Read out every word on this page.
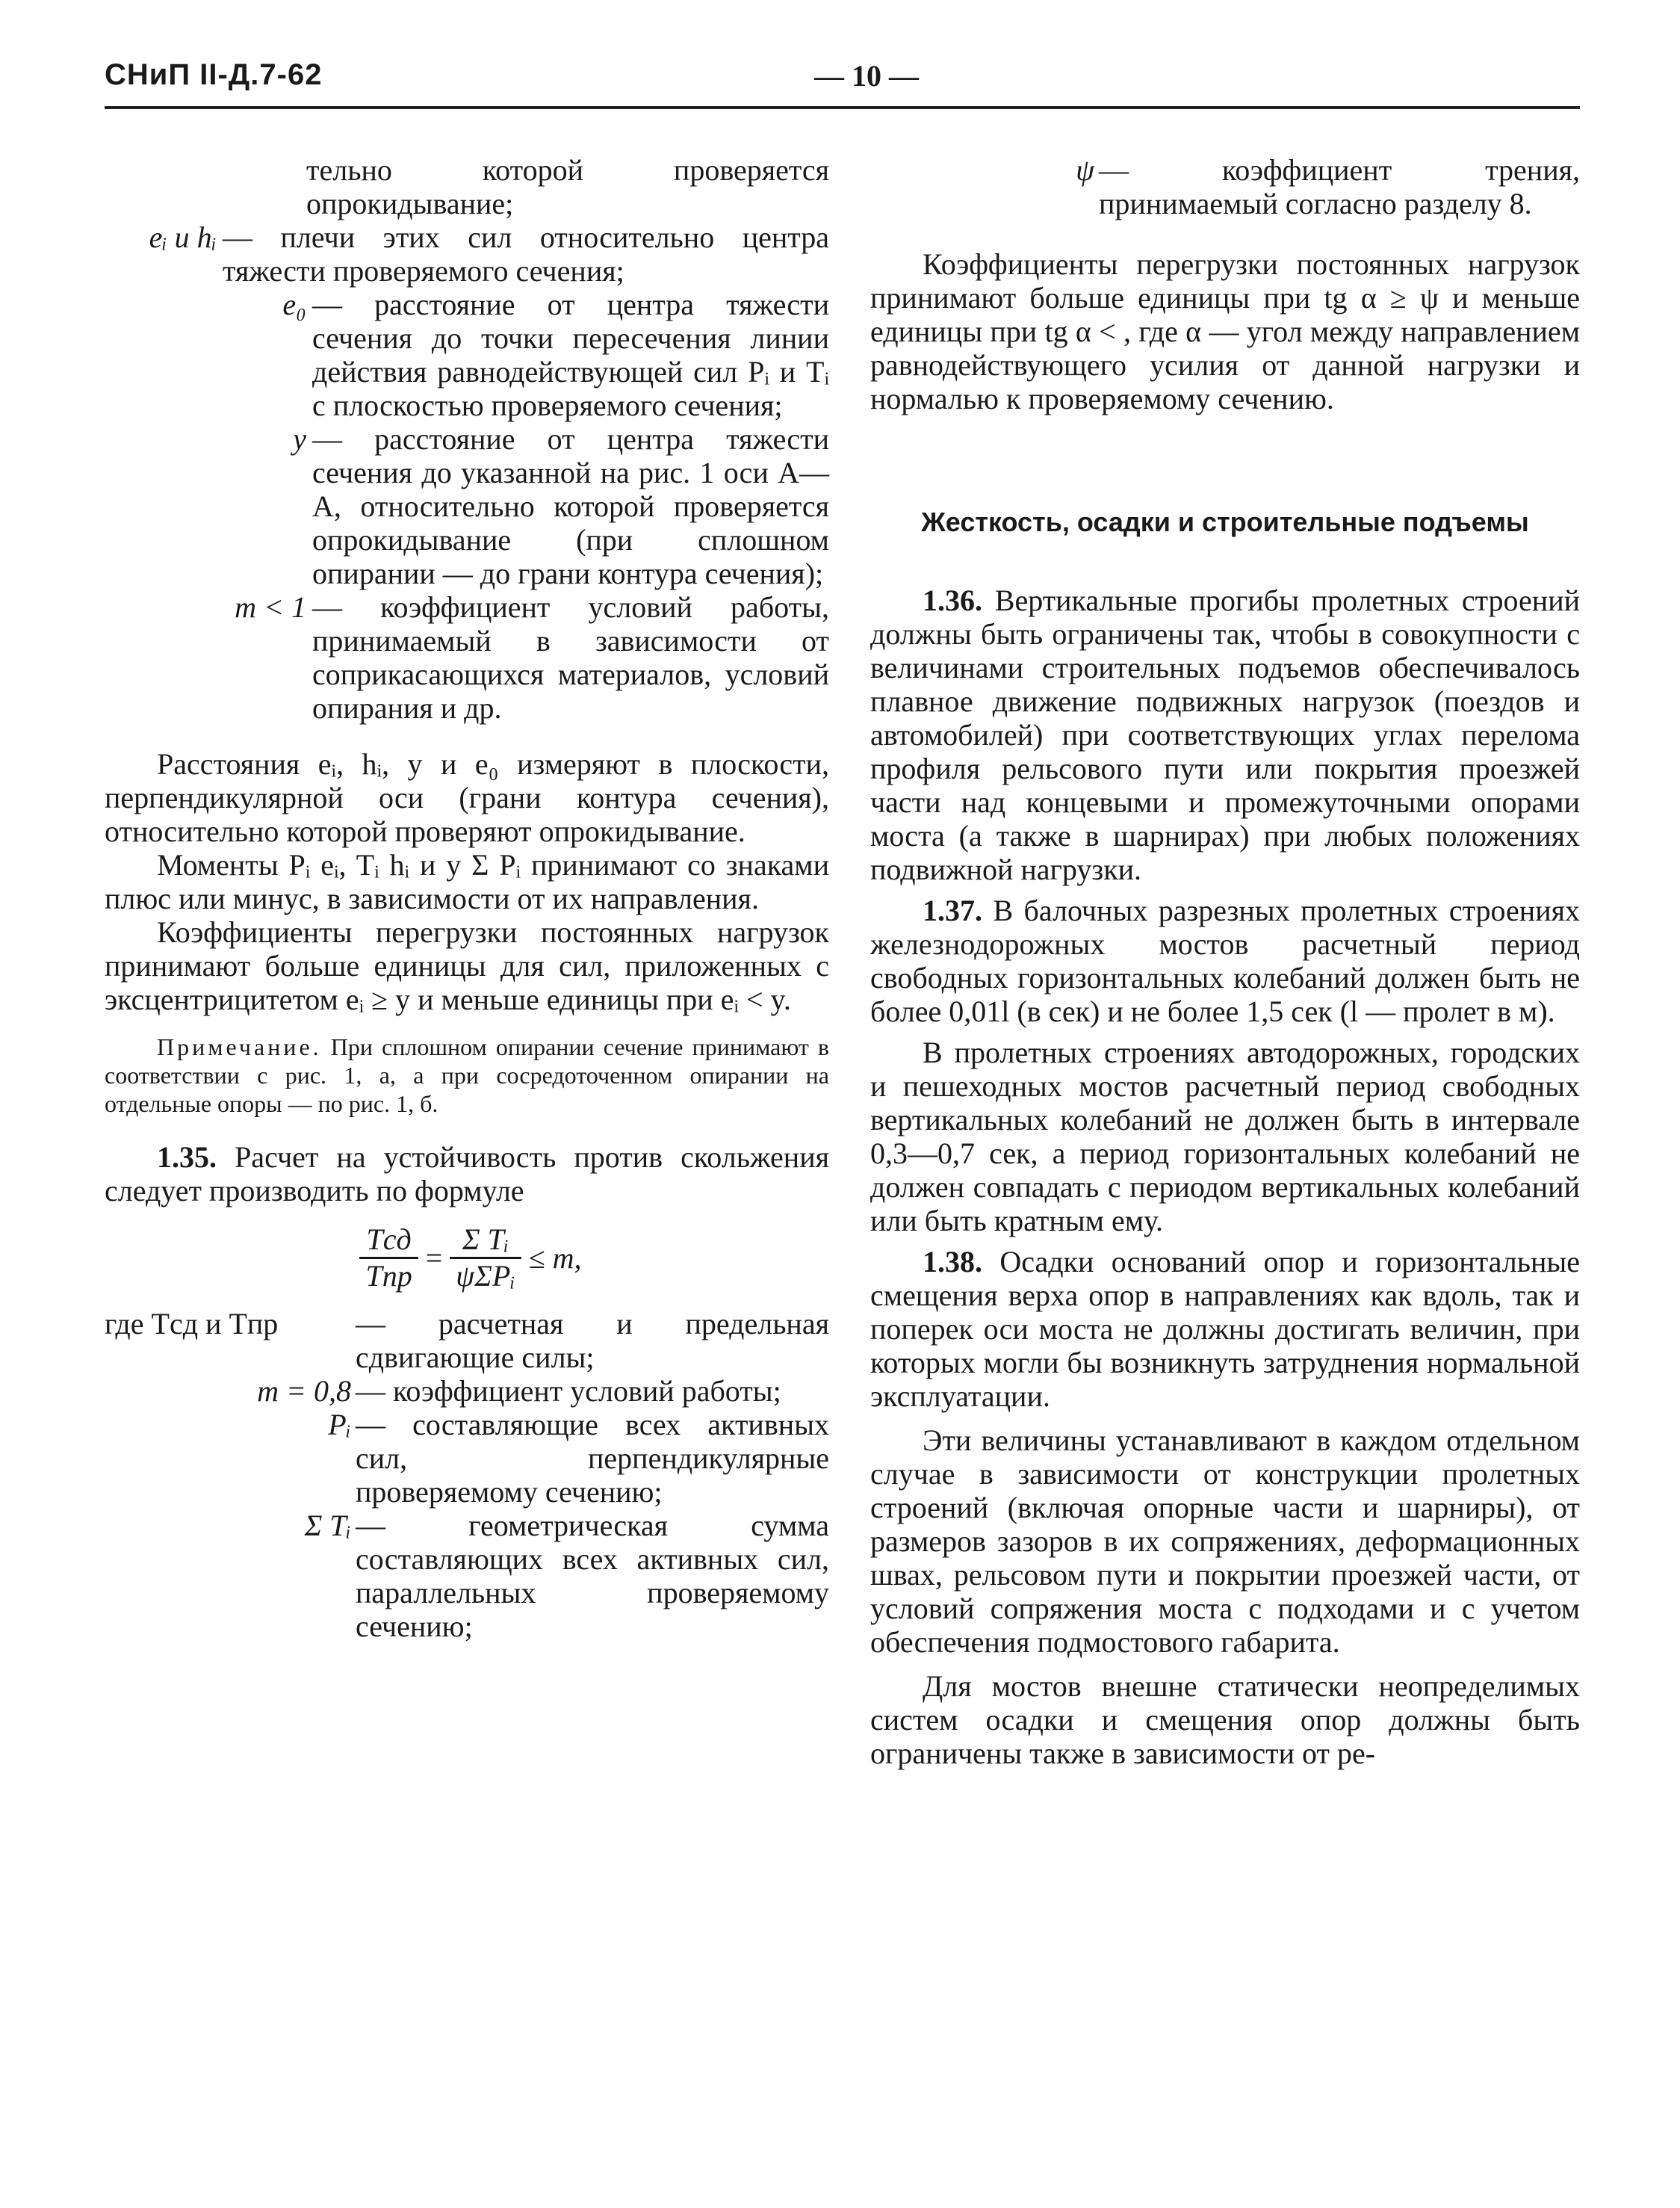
СНиП II-Д.7-62	— 10 —
тельно которой проверяется опрокидывание;
eᵢ и hᵢ — плечи этих сил относительно центра тяжести проверяемого сечения;
e₀ — расстояние от центра тяжести сечения до точки пересечения линии действия равнодействующей сил Pᵢ и Tᵢ с плоскостью проверяемого сечения;
y — расстояние от центра тяжести сечения до указанной на рис. 1 оси A—A, относительно которой проверяется опрокидывание (при сплошном опирании — до грани контура сечения);
m < 1 — коэффициент условий работы, принимаемый в зависимости от соприкасающихся материалов, условий опирания и др.

Расстояния eᵢ, hᵢ, y и e₀ измеряют в плоскости, перпендикулярной оси (грани контура сечения), относительно которой проверяют опрокидывание.

Моменты Pᵢ eᵢ, Tᵢ hᵢ и y Σ Pᵢ принимают со знаками плюс или минус, в зависимости от их направления.

Коэффициенты перегрузки постоянных нагрузок принимают больше единицы для сил, приложенных с эксцентрицитетом eᵢ ≥ y и меньше единицы при eᵢ < y.

Примечание. При сплошном опирании сечение принимают в соответствии с рис. 1, а, а при сосредоточенном опирании на отдельные опоры — по рис. 1, б.

1.35. Расчет на устойчивость против скольжения следует производить по формуле

$\frac{\text{Tсд}}{\text{Tпр}} = \frac{\text{Σ Tᵢ}}{\text{ψΣPᵢ}} \le m$,
где Tсд и Tпр	— расчетная и предельная сдвигающие силы;
m = 0,8 — коэффициент условий работы;
Pᵢ — составляющие всех активных сил, перпендикулярные проверяемому сечению;
Σ Tᵢ — геометрическая сумма составляющих всех активных сил, параллельных проверяемому сечению;
ψ — коэффициент трения, принимаемый согласно разделу 8.

Коэффициенты перегрузки постоянных нагрузок принимают больше единицы при tg α ≥ ψ и меньше единицы при tg α < , где α — угол между направлением равнодействующего усилия от данной нагрузки и нормалью к проверяемому сечению.

Жесткость, осадки и строительные подъемы

1.36. Вертикальные прогибы пролетных строений должны быть ограничены так, чтобы в совокупности с величинами строительных подъемов обеспечивалось плавное движение подвижных нагрузок (поездов и автомобилей) при соответствующих углах перелома профиля рельсового пути или покрытия проезжей части над концевыми и промежуточными опорами моста (а также в шарнирах) при любых положениях подвижной нагрузки.

1.37. В балочных разрезных пролетных строениях железнодорожных мостов расчетный период свободных горизонтальных колебаний должен быть не более 0,01l (в сек) и не более 1,5 сек (l — пролет в м).

В пролетных строениях автодорожных, городских и пешеходных мостов расчетный период свободных вертикальных колебаний не должен быть в интервале 0,3—0,7 сек, а период горизонтальных колебаний не должен совпадать с периодом вертикальных колебаний или быть кратным ему.

1.38. Осадки оснований опор и горизонтальные смещения верха опор в направлениях как вдоль, так и поперек оси моста не должны достигать величин, при которых могли бы возникнуть затруднения нормальной эксплуатации.

Эти величины устанавливают в каждом отдельном случае в зависимости от конструкции пролетных строений (включая опорные части и шарниры), от размеров зазоров в их сопряжениях, деформационных швах, рельсовом пути и покрытии проезжей части, от условий сопряжения моста с подходами и с учетом обеспечения подмостового габарита.

Для мостов внешне статически неопределимых систем осадки и смещения опор должны быть ограничены также в зависимости от ре-
